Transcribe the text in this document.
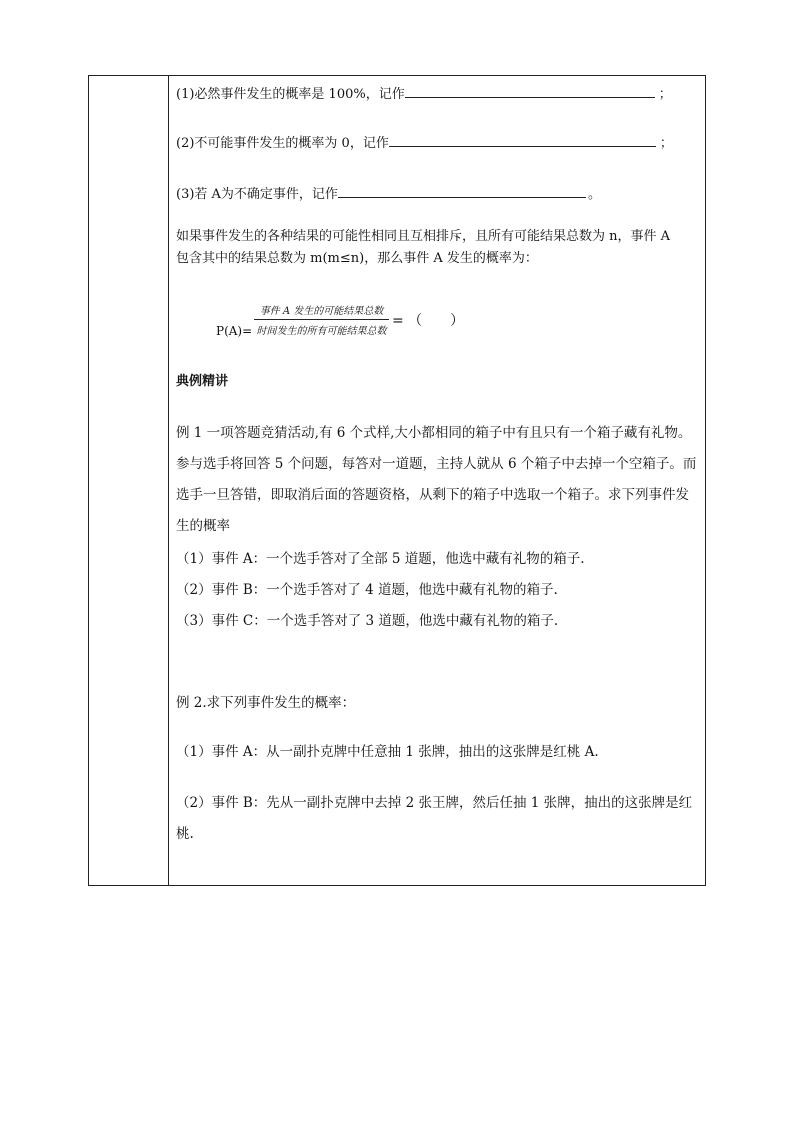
(1)必然事件发生的概率是 100%，记作	；
(2)不可能事件发生的概率为 0，记作	；
(3)若 A为不确定事件，记作	。
如果事件发生的各种结果的可能性相同且互相排斥，且所有可能结果总数为 n，事件 A
包含其中的结果总数为 m(m≤n)，那么事件 A 发生的概率为：
P(A)=
事件 A 发生的可能结果总数
时间发生的所有可能结果总数
= （　　）
典例精讲
例 1 一项答题竞猜活动,有 6 个式样,大小都相同的箱子中有且只有一个箱子藏有礼物。
参与选手将回答 5 个问题，每答对一道题，主持人就从 6 个箱子中去掉一个空箱子。而
选手一旦答错，即取消后面的答题资格，从剩下的箱子中选取一个箱子。求下列事件发
生的概率
（1）事件 A：一个选手答对了全部 5 道题，他选中藏有礼物的箱子.
（2）事件 B：一个选手答对了 4 道题，他选中藏有礼物的箱子.
（3）事件 C：一个选手答对了 3 道题，他选中藏有礼物的箱子.
例 2.求下列事件发生的概率：
（1）事件 A：从一副扑克牌中任意抽 1 张牌，抽出的这张牌是红桃 A.
（2）事件 B：先从一副扑克牌中去掉 2 张王牌，然后任抽 1 张牌，抽出的这张牌是红
桃.
